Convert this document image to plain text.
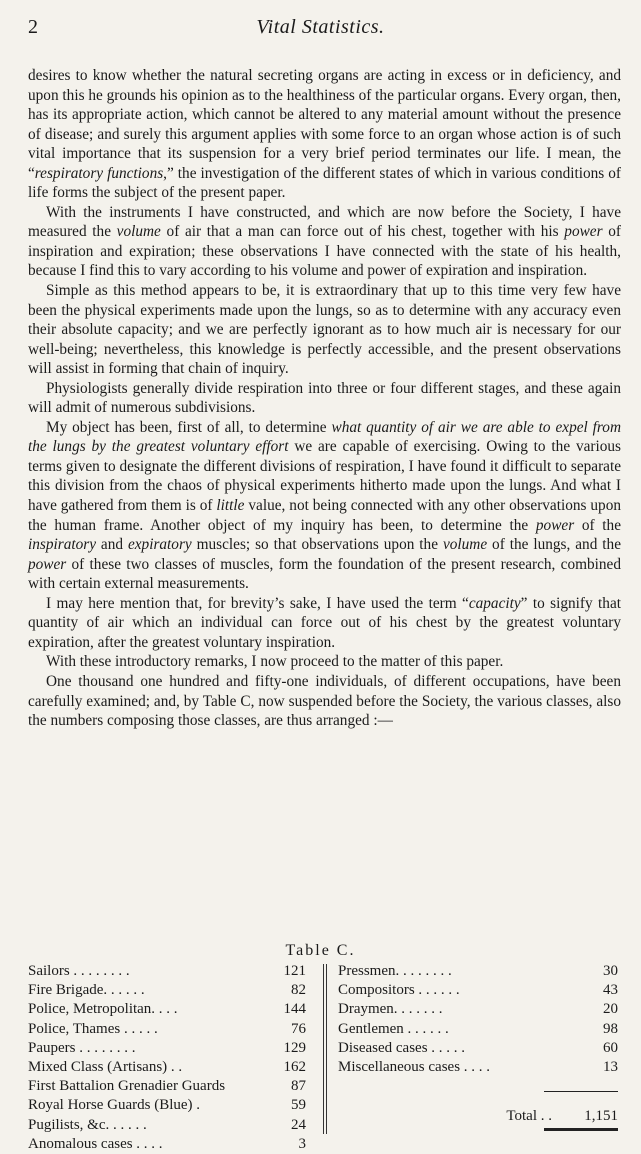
2	Vital Statistics.

desires to know whether the natural secreting organs are acting in excess or in deficiency, and upon this he grounds his opinion as to the healthiness of the particular organs. Every organ, then, has its appropriate action, which cannot be altered to any material amount without the presence of disease; and surely this argument applies with some force to an organ whose action is of such vital importance that its suspension for a very brief period terminates our life. I mean, the “respiratory functions,” the investigation of the different states of which in various conditions of life forms the subject of the present paper.

With the instruments I have constructed, and which are now before the Society, I have measured the volume of air that a man can force out of his chest, together with his power of inspiration and expiration; these observations I have connected with the state of his health, because I find this to vary according to his volume and power of expiration and inspiration.

Simple as this method appears to be, it is extraordinary that up to this time very few have been the physical experiments made upon the lungs, so as to determine with any accuracy even their absolute capacity; and we are perfectly ignorant as to how much air is necessary for our well-being; nevertheless, this knowledge is perfectly accessible, and the present observations will assist in forming that chain of inquiry.

Physiologists generally divide respiration into three or four different stages, and these again will admit of numerous subdivisions.

My object has been, first of all, to determine what quantity of air we are able to expel from the lungs by the greatest voluntary effort we are capable of exercising. Owing to the various terms given to designate the different divisions of respiration, I have found it difficult to separate this division from the chaos of physical experiments hitherto made upon the lungs. And what I have gathered from them is of little value, not being connected with any other observations upon the human frame. Another object of my inquiry has been, to determine the power of the inspiratory and expiratory muscles; so that observations upon the volume of the lungs, and the power of these two classes of muscles, form the foundation of the present research, combined with certain external measurements.

I may here mention that, for brevity’s sake, I have used the term “capacity” to signify that quantity of air which an individual can force out of his chest by the greatest voluntary expiration, after the greatest voluntary inspiration.

With these introductory remarks, I now proceed to the matter of this paper.

One thousand one hundred and fifty-one individuals, of different occupations, have been carefully examined; and, by Table C, now suspended before the Society, the various classes, also the numbers composing those classes, are thus arranged :—

Table C.
Sailors . . . . . . . .	121
Fire Brigade. . . . . .	82
Police, Metropolitan. . . .	144
Police, Thames . . . . .	76
Paupers . . . . . . . .	129
Mixed Class (Artisans) . .	162
First Battalion Grenadier Guards	87
Royal Horse Guards (Blue) .	59
Pugilists, &c. . . . . .	24
Anomalous cases . . . .	3
Pressmen. . . . . . . .	30
Compositors . . . . . .	43
Draymen. . . . . . .	20
Gentlemen . . . . . .	98
Diseased cases . . . . .	60
Miscellaneous cases . . . .	13
Total . . 1,151
